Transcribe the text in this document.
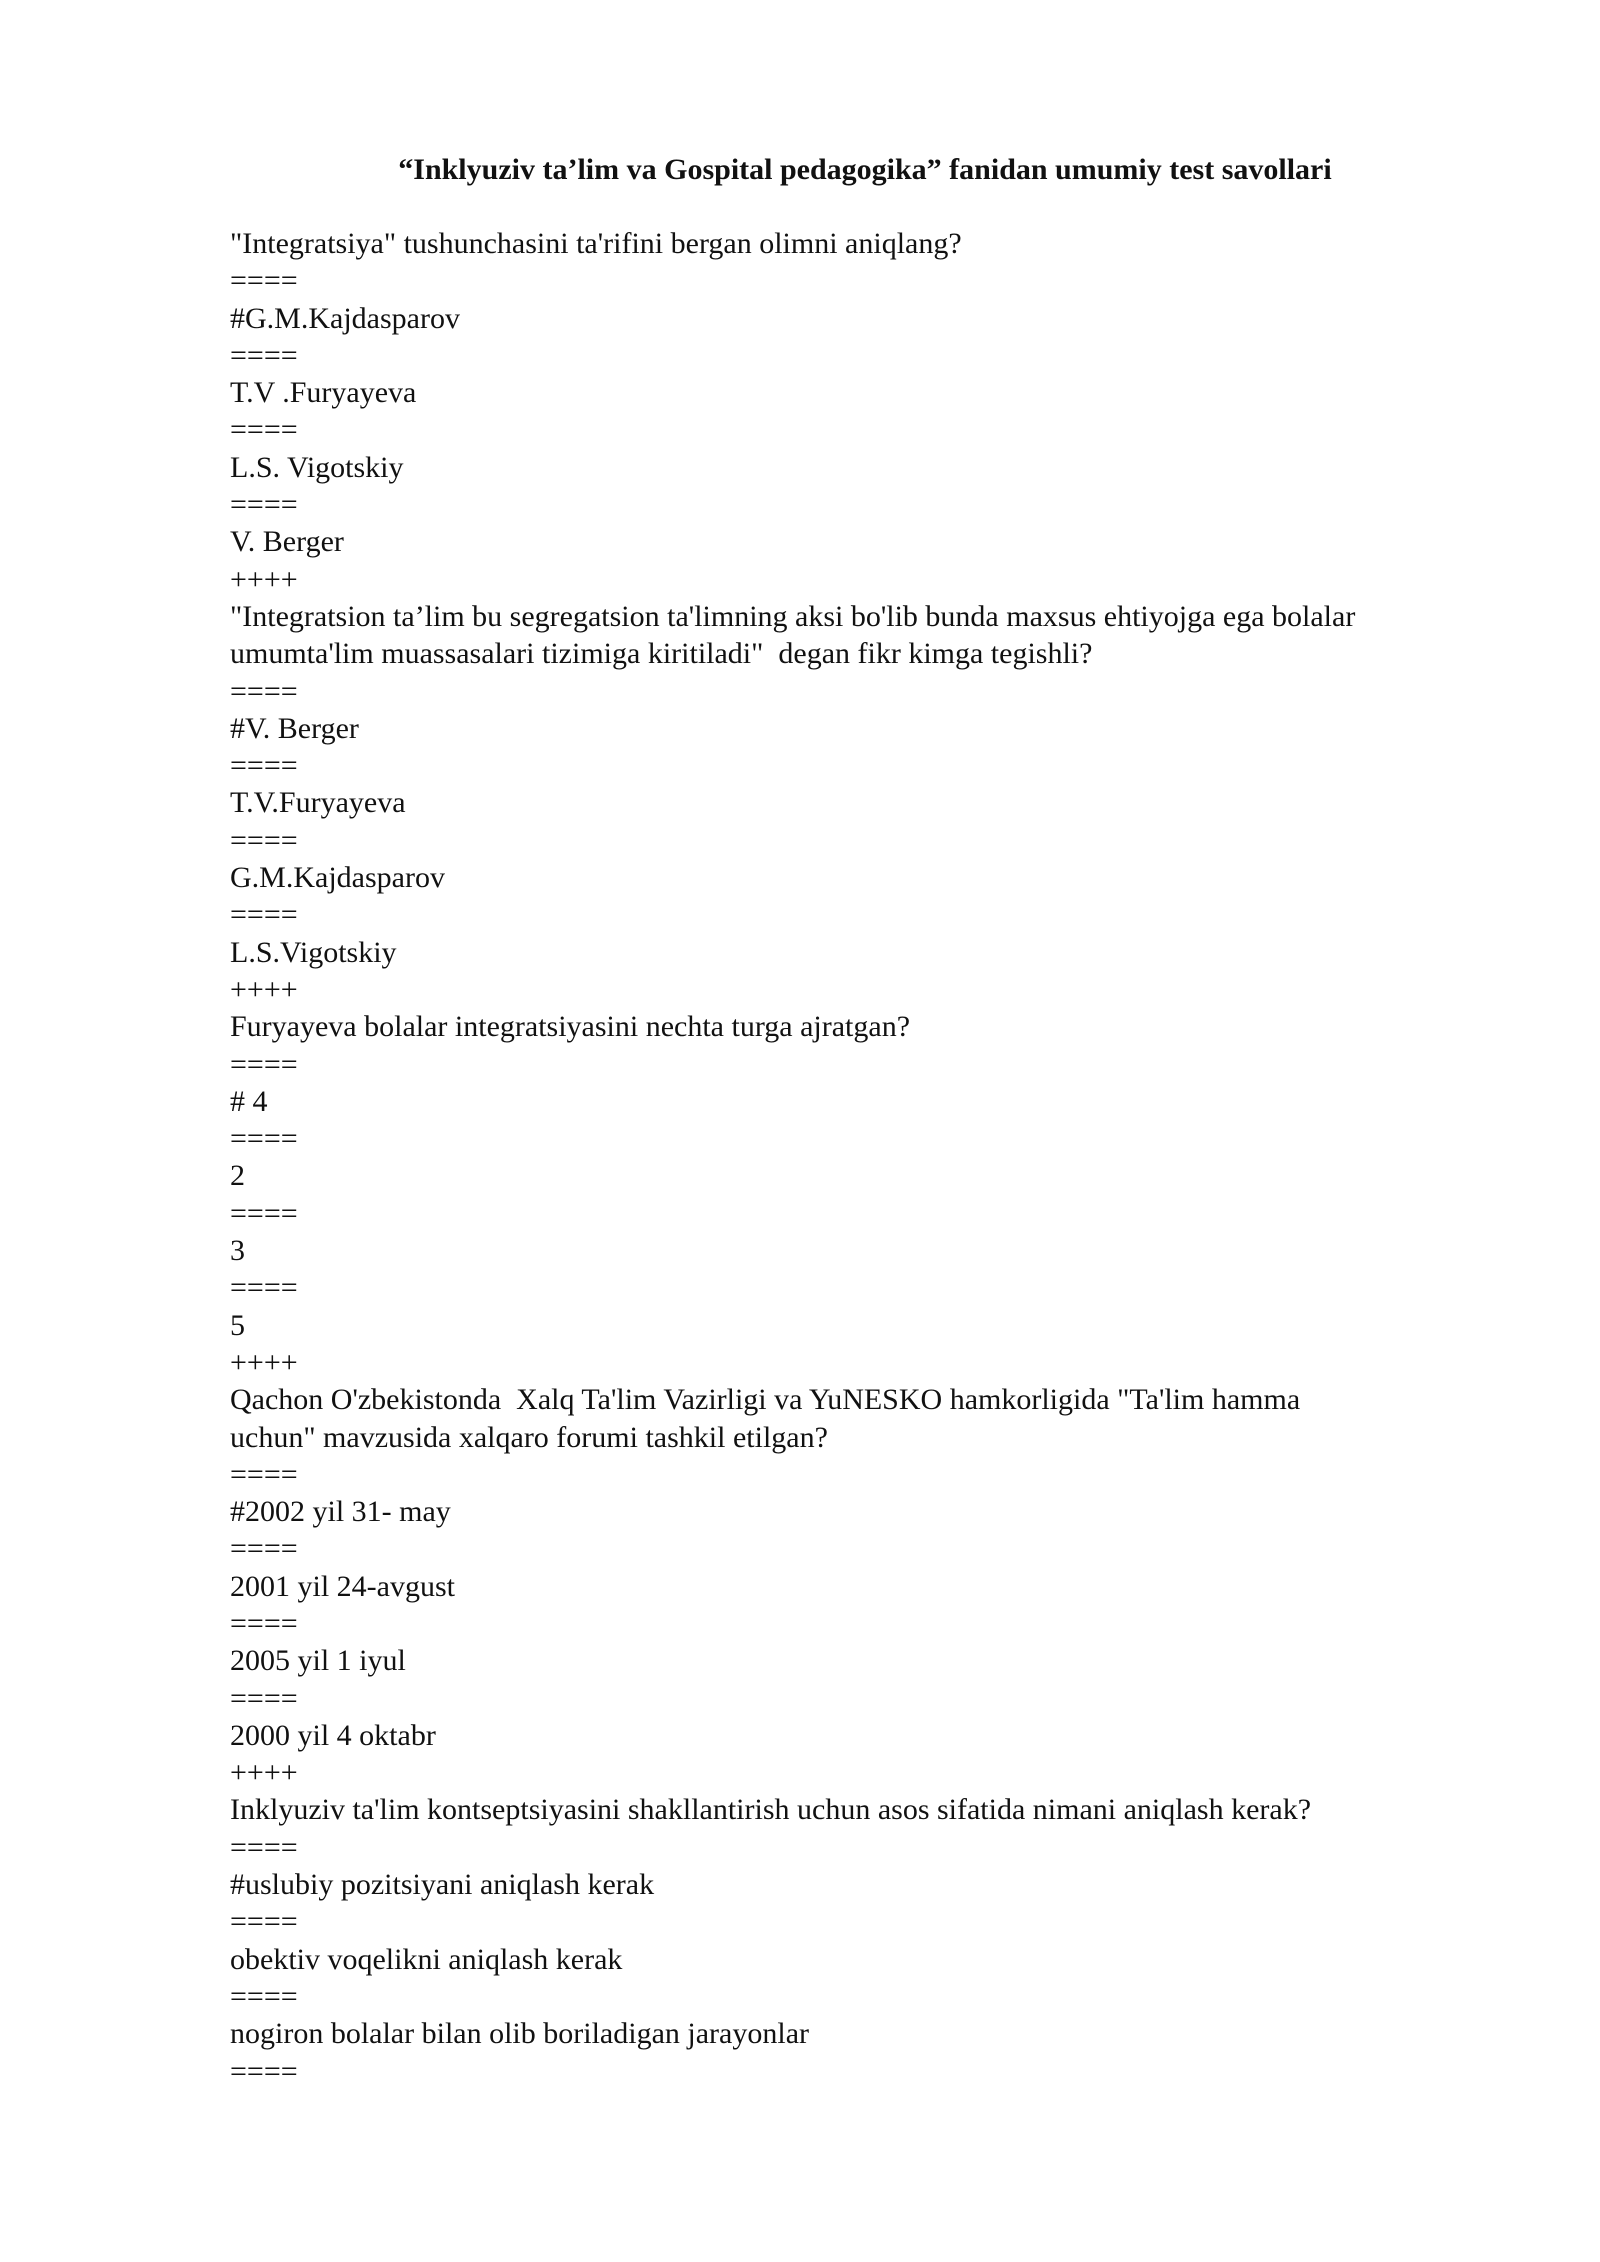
“Inklyuziv ta’lim va Gospital pedagogika” fanidan umumiy test savollari
"Integratsiya" tushunchasini ta'rifini bergan olimni aniqlang?
====
#G.M.Kajdasparov
====
T.V .Furyayeva
====
L.S. Vigotskiy
====
V. Berger
++++
"Integratsion ta’lim bu segregatsion ta'limning aksi bo'lib bunda maxsus ehtiyojga ega bolalar
umumta'lim muassasalari tizimiga kiritiladi"  degan fikr kimga tegishli?
====
#V. Berger
====
T.V.Furyayeva
====
G.M.Kajdasparov
====
L.S.Vigotskiy
++++
Furyayeva bolalar integratsiyasini nechta turga ajratgan?
====
# 4
====
2
====
3
====
5
++++
Qachon O'zbekistonda  Xalq Ta'lim Vazirligi va YuNESKO hamkorligida "Ta'lim hamma
uchun" mavzusida xalqaro forumi tashkil etilgan?
====
#2002 yil 31- may
====
2001 yil 24-avgust
====
2005 yil 1 iyul
====
2000 yil 4 oktabr
++++
Inklyuziv ta'lim kontseptsiyasini shakllantirish uchun asos sifatida nimani aniqlash kerak?
====
#uslubiy pozitsiyani aniqlash kerak
====
obektiv voqelikni aniqlash kerak
====
nogiron bolalar bilan olib boriladigan jarayonlar
====
